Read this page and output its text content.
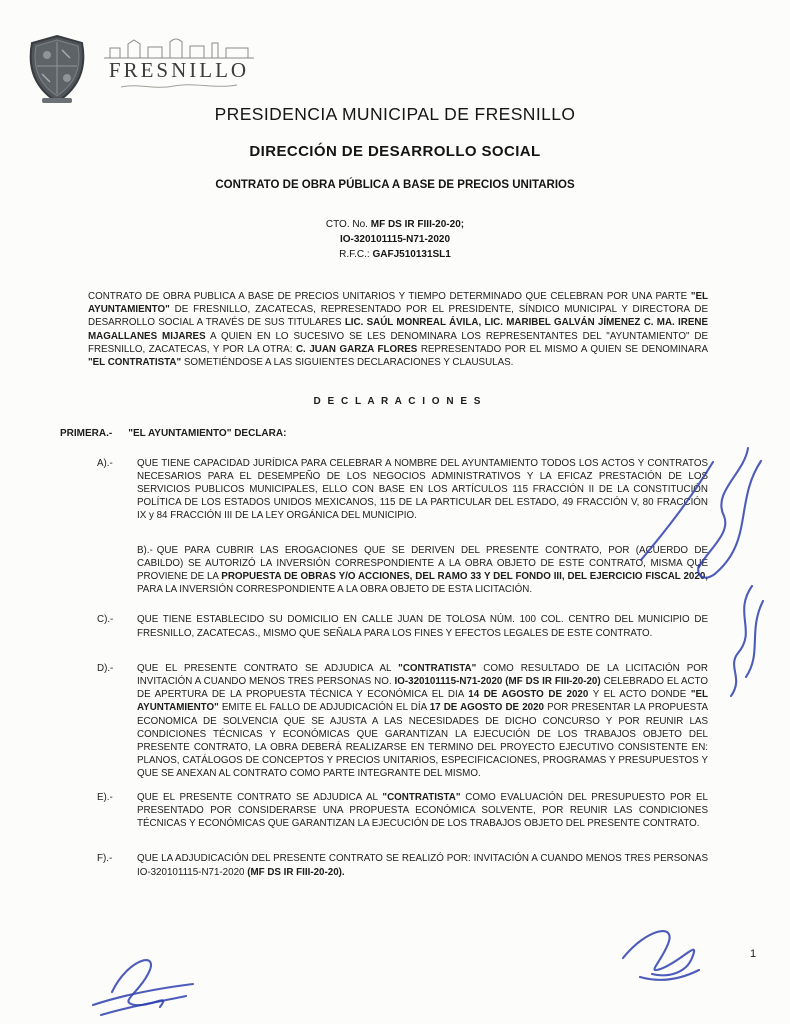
FRESNILLO
PRESIDENCIA MUNICIPAL DE FRESNILLO
DIRECCIÓN DE DESARROLLO SOCIAL
CONTRATO DE OBRA PÚBLICA A BASE DE PRECIOS UNITARIOS

CTO. No. MF DS IR FIII-20-20;

IO-320101115-N71-2020

R.F.C.: GAFJ510131SL1

CONTRATO DE OBRA PUBLICA A BASE DE PRECIOS UNITARIOS Y TIEMPO DETERMINADO QUE CELEBRAN POR UNA PARTE "EL AYUNTAMIENTO" DE FRESNILLO, ZACATECAS, REPRESENTADO POR EL PRESIDENTE, SÍNDICO MUNICIPAL Y DIRECTORA DE DESARROLLO SOCIAL A TRAVÉS DE SUS TITULARES LIC. SAÚL MONREAL ÁVILA, LIC. MARIBEL GALVÁN JÍMENEZ C. MA. IRENE MAGALLANES MIJARES A QUIEN EN LO SUCESIVO SE LES DENOMINARA LOS REPRESENTANTES DEL "AYUNTAMIENTO" DE FRESNILLO, ZACATECAS, Y POR LA OTRA: C. JUAN GARZA FLORES REPRESENTADO POR EL MISMO A QUIEN SE DENOMINARA "EL CONTRATISTA" SOMETIÉNDOSE A LAS SIGUIENTES DECLARACIONES Y CLAUSULAS.

D E C L A R A C I O N E S

PRIMERA.- "EL AYUNTAMIENTO" DECLARA:

A).-	QUE TIENE CAPACIDAD JURÍDICA PARA CELEBRAR A NOMBRE DEL AYUNTAMIENTO TODOS LOS ACTOS Y CONTRATOS NECESARIOS PARA EL DESEMPEÑO DE LOS NEGOCIOS ADMINISTRATIVOS Y LA EFICAZ PRESTACIÓN DE LOS SERVICIOS PUBLICOS MUNICIPALES, ELLO CON BASE EN LOS ARTÍCULOS 115 FRACCIÓN II DE LA CONSTITUCIÓN POLÍTICA DE LOS ESTADOS UNIDOS MEXICANOS, 115 DE LA PARTICULAR DEL ESTADO, 49 FRACCIÓN V, 80 FRACCIÓN IX y 84 FRACCIÓN III DE LA LEY ORGÁNICA DEL MUNICIPIO.

B).- QUE PARA CUBRIR LAS EROGACIONES QUE SE DERIVEN DEL PRESENTE CONTRATO, POR (ACUERDO DE CABILDO) SE AUTORIZÓ LA INVERSIÓN CORRESPONDIENTE A LA OBRA OBJETO DE ESTE CONTRATO, MISMA QUE PROVIENE DE LA PROPUESTA DE OBRAS Y/O ACCIONES, DEL RAMO 33 Y DEL FONDO III, DEL EJERCICIO FISCAL 2020, PARA LA INVERSIÓN CORRESPONDIENTE A LA OBRA OBJETO DE ESTA LICITACIÓN.

C).-	QUE TIENE ESTABLECIDO SU DOMICILIO EN CALLE JUAN DE TOLOSA NÚM. 100 COL. CENTRO DEL MUNICIPIO DE FRESNILLO, ZACATECAS., MISMO QUE SEÑALA PARA LOS FINES Y EFECTOS LEGALES DE ESTE CONTRATO.

D).-	QUE EL PRESENTE CONTRATO SE ADJUDICA AL "CONTRATISTA" COMO RESULTADO DE LA LICITACIÓN POR INVITACIÓN A CUANDO MENOS TRES PERSONAS NO. IO-320101115-N71-2020 (MF DS IR FIII-20-20) CELEBRADO EL ACTO DE APERTURA DE LA PROPUESTA TÉCNICA Y ECONÓMICA EL DIA 14 DE AGOSTO DE 2020 Y EL ACTO DONDE "EL AYUNTAMIENTO" EMITE EL FALLO DE ADJUDICACIÓN EL DÍA 17 DE AGOSTO DE 2020 POR PRESENTAR LA PROPUESTA ECONOMICA DE SOLVENCIA QUE SE AJUSTA A LAS NECESIDADES DE DICHO CONCURSO Y POR REUNIR LAS CONDICIONES TÉCNICAS Y ECONÓMICAS QUE GARANTIZAN LA EJECUCIÓN DE LOS TRABAJOS OBJETO DEL PRESENTE CONTRATO, LA OBRA DEBERÁ REALIZARSE EN TERMINO DEL PROYECTO EJECUTIVO CONSISTENTE EN: PLANOS, CATÁLOGOS DE CONCEPTOS Y PRECIOS UNITARIOS, ESPECIFICACIONES, PROGRAMAS Y PRESUPUESTOS Y QUE SE ANEXAN AL CONTRATO COMO PARTE INTEGRANTE DEL MISMO.

E).-	QUE EL PRESENTE CONTRATO SE ADJUDICA AL "CONTRATISTA" COMO EVALUACIÓN DEL PRESUPUESTO POR EL PRESENTADO POR CONSIDERARSE UNA PROPUESTA ECONÓMICA SOLVENTE, POR REUNIR LAS CONDICIONES TÉCNICAS Y ECONÓMICAS QUE GARANTIZAN LA EJECUCIÓN DE LOS TRABAJOS OBJETO DEL PRESENTE CONTRATO.

F).-	QUE LA ADJUDICACIÓN DEL PRESENTE CONTRATO SE REALIZÓ POR: INVITACIÓN A CUANDO MENOS TRES PERSONAS IO-320101115-N71-2020 (MF DS IR FIII-20-20).

1
